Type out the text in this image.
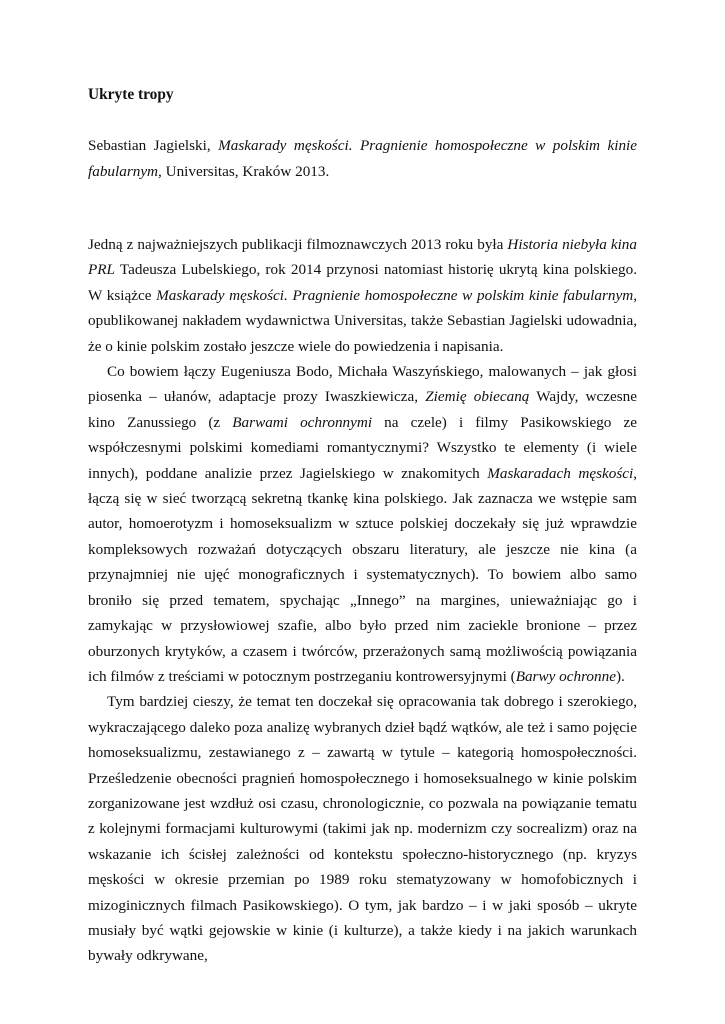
Ukryte tropy

Sebastian Jagielski, Maskarady męskości. Pragnienie homospołeczne w polskim kinie fabularnym, Universitas, Kraków 2013.

Jedną z najważniejszych publikacji filmoznawczych 2013 roku była Historia niebyła kina PRL Tadeusza Lubelskiego, rok 2014 przynosi natomiast historię ukrytą kina polskiego. W książce Maskarady męskości. Pragnienie homospołeczne w polskim kinie fabularnym, opublikowanej nakładem wydawnictwa Universitas, także Sebastian Jagielski udowadnia, że o kinie polskim zostało jeszcze wiele do powiedzenia i napisania.

Co bowiem łączy Eugeniusza Bodo, Michała Waszyńskiego, malowanych – jak głosi piosenka – ułanów, adaptacje prozy Iwaszkiewicza, Ziemię obiecaną Wajdy, wczesne kino Zanussiego (z Barwami ochronnymi na czele) i filmy Pasikowskiego ze współczesnymi polskimi komediami romantycznymi? Wszystko te elementy (i wiele innych), poddane analizie przez Jagielskiego w znakomitych Maskaradach męskości, łączą się w sieć tworzącą sekretną tkankę kina polskiego. Jak zaznacza we wstępie sam autor, homoerotyzm i homoseksualizm w sztuce polskiej doczekały się już wprawdzie kompleksowych rozważań dotyczących obszaru literatury, ale jeszcze nie kina (a przynajmniej nie ujęć monograficznych i systematycznych). To bowiem albo samo broniło się przed tematem, spychając „Innego” na margines, unieważniając go i zamykając w przysłowiowej szafie, albo było przed nim zaciekle bronione – przez oburzonych krytyków, a czasem i twórców, przerażonych samą możliwością powiązania ich filmów z treściami w potocznym postrzeganiu kontrowersyjnymi (Barwy ochronne).

Tym bardziej cieszy, że temat ten doczekał się opracowania tak dobrego i szerokiego, wykraczającego daleko poza analizę wybranych dzieł bądź wątków, ale też i samo pojęcie homoseksualizmu, zestawianego z – zawartą w tytule – kategorią homospołeczności. Prześledzenie obecności pragnień homospołecznego i homoseksualnego w kinie polskim zorganizowane jest wzdłuż osi czasu, chronologicznie, co pozwala na powiązanie tematu z kolejnymi formacjami kulturowymi (takimi jak np. modernizm czy socrealizm) oraz na wskazanie ich ścisłej zależności od kontekstu społeczno-historycznego (np. kryzys męskości w okresie przemian po 1989 roku stematyzowany w homofobicznych i mizoginicznych filmach Pasikowskiego). O tym, jak bardzo – i w jaki sposób – ukryte musiały być wątki gejowskie w kinie (i kulturze), a także kiedy i na jakich warunkach bywały odkrywane,
